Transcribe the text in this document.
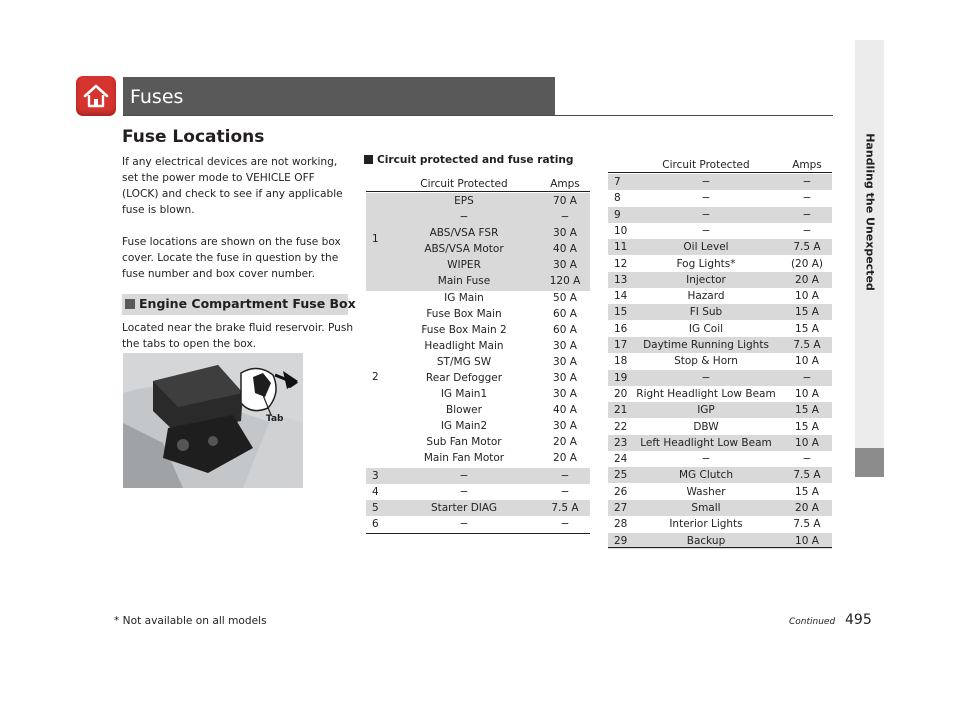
Fuses
Handling the Unexpected
Fuse Locations

If any electrical devices are not working, set the power mode to VEHICLE OFF (LOCK) and check to see if any applicable fuse is blown.

Fuse locations are shown on the fuse box cover. Locate the fuse in question by the fuse number and box cover number.

Engine Compartment Fuse Box
Located near the brake fluid reservoir. Push the tabs to open the box.
Tab
Circuit protected and fuse rating
Circuit Protected	Amps
1
EPS	70 A
−	−
ABS/VSA FSR	30 A
ABS/VSA Motor	40 A
WIPER	30 A
Main Fuse	120 A
2
IG Main	50 A
Fuse Box Main	60 A
Fuse Box Main 2	60 A
Headlight Main	30 A
ST/MG SW	30 A
Rear Defogger	30 A
IG Main1	30 A
Blower	40 A
IG Main2	30 A
Sub Fan Motor	20 A
Main Fan Motor	20 A
3	−	−
4	−	−
5	Starter DIAG	7.5 A
6	−	−
Circuit Protected	Amps
7	−	−
8	−	−
9	−	−
10	−	−
11	Oil Level	7.5 A
12	Fog Lights*	(20 A)
13	Injector	20 A
14	Hazard	10 A
15	FI Sub	15 A
16	IG Coil	15 A
17	Daytime Running Lights	7.5 A
18	Stop & Horn	10 A
19	−	−
20 Right Headlight Low Beam	10 A
21	IGP	15 A
22	DBW	15 A
23	Left Headlight Low Beam	10 A
24	−	−
25	MG Clutch	7.5 A
26	Washer	15 A
27	Small	20 A
28	Interior Lights	7.5 A
29	Backup	10 A
* Not available on all models	Continued 495
